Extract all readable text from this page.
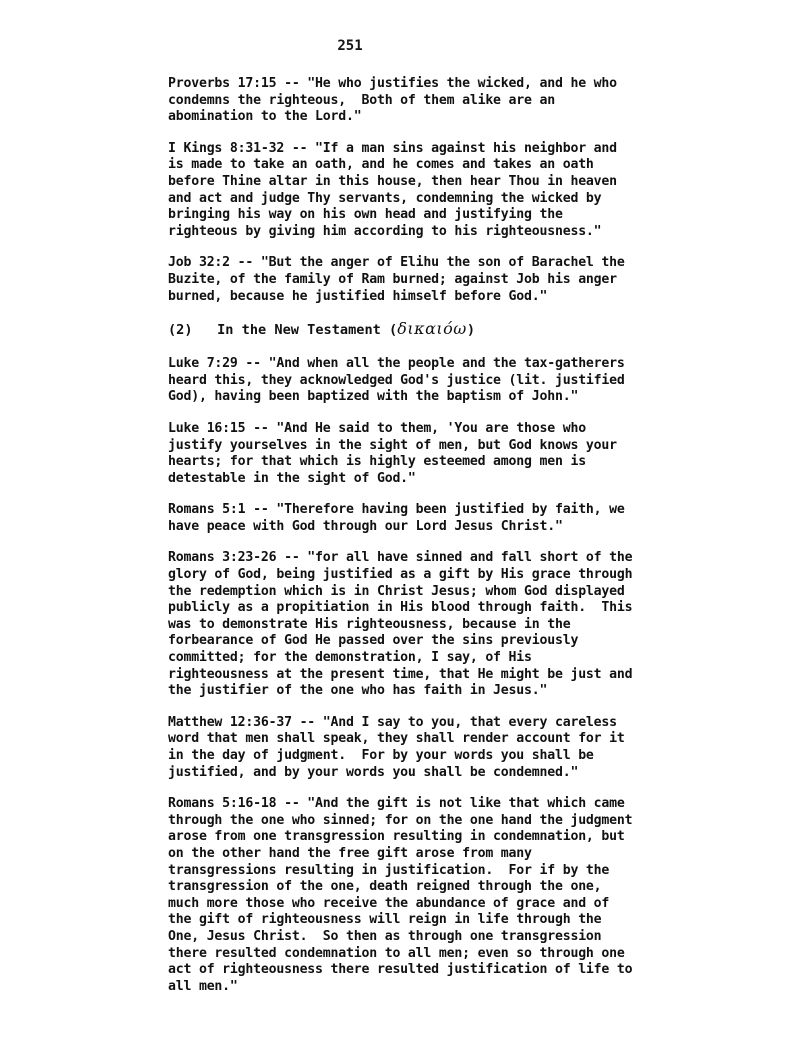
251
Proverbs 17:15 -- "He who justifies the wicked, and he who
condemns the righteous,  Both of them alike are an
abomination to the Lord."
I Kings 8:31-32 -- "If a man sins against his neighbor and
is made to take an oath, and he comes and takes an oath
before Thine altar in this house, then hear Thou in heaven
and act and judge Thy servants, condemning the wicked by
bringing his way on his own head and justifying the
righteous by giving him according to his righteousness."
Job 32:2 -- "But the anger of Elihu the son of Barachel the
Buzite, of the family of Ram burned; against Job his anger
burned, because he justified himself before God."
(2) In the New Testament (δικαιόω)
Luke 7:29 -- "And when all the people and the tax-gatherers
heard this, they acknowledged God's justice (lit. justified
God), having been baptized with the baptism of John."
Luke 16:15 -- "And He said to them, 'You are those who
justify yourselves in the sight of men, but God knows your
hearts; for that which is highly esteemed among men is
detestable in the sight of God."
Romans 5:1 -- "Therefore having been justified by faith, we
have peace with God through our Lord Jesus Christ."
Romans 3:23-26 -- "for all have sinned and fall short of the
glory of God, being justified as a gift by His grace through
the redemption which is in Christ Jesus; whom God displayed
publicly as a propitiation in His blood through faith.  This
was to demonstrate His righteousness, because in the
forbearance of God He passed over the sins previously
committed; for the demonstration, I say, of His
righteousness at the present time, that He might be just and
the justifier of the one who has faith in Jesus."
Matthew 12:36-37 -- "And I say to you, that every careless
word that men shall speak, they shall render account for it
in the day of judgment.  For by your words you shall be
justified, and by your words you shall be condemned."
Romans 5:16-18 -- "And the gift is not like that which came
through the one who sinned; for on the one hand the judgment
arose from one transgression resulting in condemnation, but
on the other hand the free gift arose from many
transgressions resulting in justification.  For if by the
transgression of the one, death reigned through the one,
much more those who receive the abundance of grace and of
the gift of righteousness will reign in life through the
One, Jesus Christ.  So then as through one transgression
there resulted condemnation to all men; even so through one
act of righteousness there resulted justification of life to
all men."
